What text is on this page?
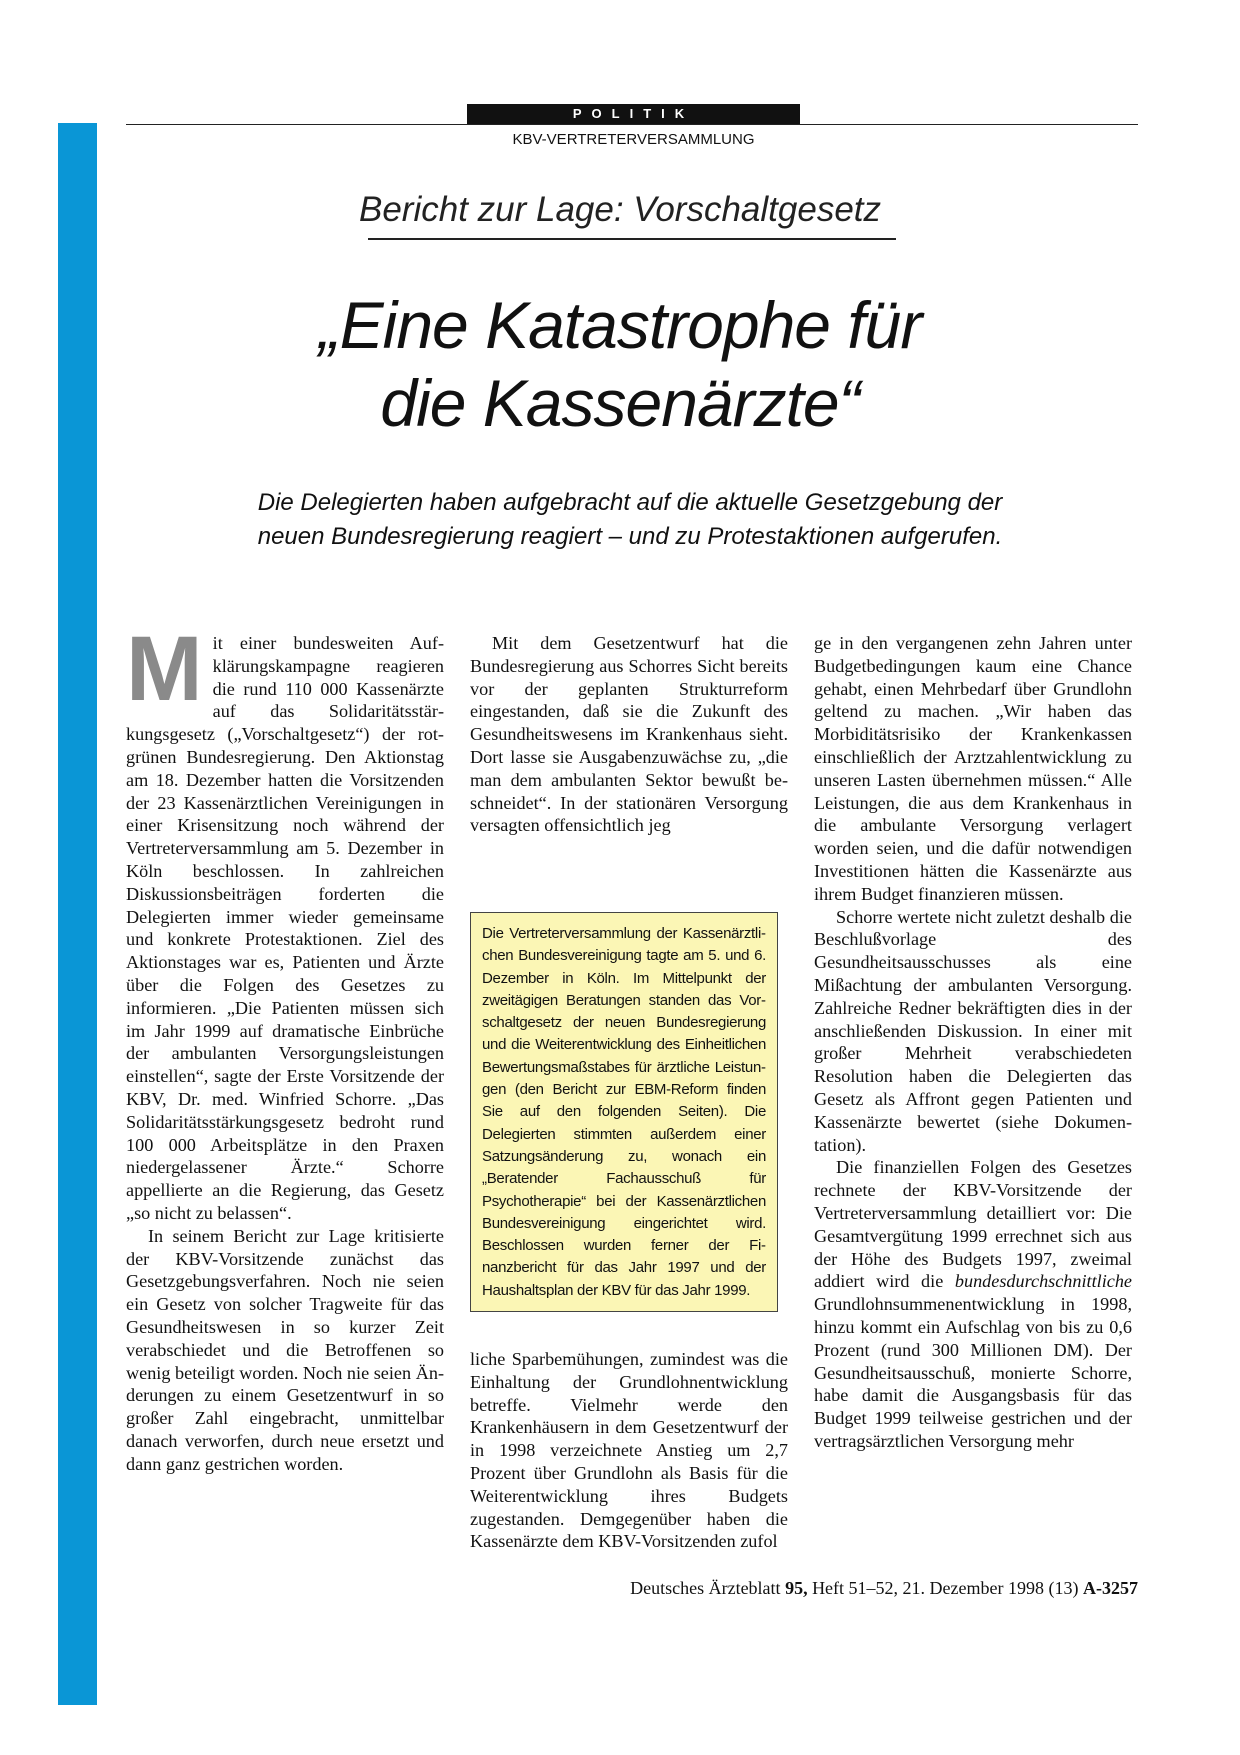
POLITIK
KBV-VERTRETERVERSAMMLUNG
Bericht zur Lage: Vorschaltgesetz
„Eine Katastrophe für
die Kassenärzte“
Die Delegierten haben aufgebracht auf die aktuelle Gesetzgebung der
neuen Bundesregierung reagiert – und zu Protestaktionen aufgerufen.
M it einer bundesweiten Aufklärungskampagne reagieren die rund 110 000 Kassenärzte auf das Solidaritätsstärkungsgesetz („Vorschaltgesetz“) der rot-grünen Bundesregierung. Den Aktionstag am 18. Dezember hatten die Vorsitzenden der 23 Kassenärztlichen Vereinigungen in einer Krisensitzung noch während der Vertreterversammlung am 5. Dezember in Köln beschlossen. In zahlreichen Diskussionsbeiträgen forderten die Delegierten immer wieder gemeinsame und konkrete Protestaktionen. Ziel des Aktionstages war es, Patienten und Ärzte über die Folgen des Gesetzes zu informieren. „Die Patienten müssen sich im Jahr 1999 auf dramatische Einbrüche der ambulanten Versorgungsleistungen einstellen“, sagte der Erste Vorsitzende der KBV, Dr. med. Winfried Schorre. „Das Solidaritätsstärkungsgesetz bedroht rund 100 000 Arbeitsplätze in den Praxen niedergelassener Ärzte.“ Schorre appellierte an die Regierung, das Gesetz „so nicht zu belassen“.

In seinem Bericht zur Lage kritisierte der KBV-Vorsitzende zunächst das Gesetzgebungsverfahren. Noch nie seien ein Gesetz von solcher Tragweite für das Gesundheitswesen in so kurzer Zeit verabschiedet und die Betroffenen so wenig beteiligt worden. Noch nie seien Änderungen zu einem Gesetzentwurf in so großer Zahl eingebracht, unmittelbar danach verworfen, durch neue ersetzt und dann ganz gestrichen worden.

Mit dem Gesetzentwurf hat die Bundesregierung aus Schorres Sicht bereits vor der geplanten Strukturreform eingestanden, daß sie die Zukunft des Gesundheitswesens im Krankenhaus sieht. Dort lasse sie Ausgabenzuwächse zu, „die man dem ambulanten Sektor bewußt beschneidet“. In der stationären Versorgung versagten offensichtlich jeg

Die Vertreterversammlung der Kassenärztlichen Bundesvereinigung tagte am 5. und 6. Dezember in Köln. Im Mittelpunkt der zweitägigen Beratungen standen das Vorschaltgesetz der neuen Bundesregierung und die Weiterentwicklung des Einheitlichen Bewertungsmaßstabes für ärztliche Leistungen (den Bericht zur EBM-Reform finden Sie auf den folgenden Seiten). Die Delegierten stimmten außerdem einer Satzungsänderung zu, wonach ein „Beratender Fachausschuß für Psychotherapie“ bei der Kassenärztlichen Bundesvereinigung eingerichtet wird. Beschlossen wurden ferner der Finanzbericht für das Jahr 1997 und der Haushaltsplan der KBV für das Jahr 1999.

liche Sparbemühungen, zumindest was die Einhaltung der Grundlohnentwicklung betreffe. Vielmehr werde den Krankenhäusern in dem Gesetzentwurf der in 1998 verzeichnete Anstieg um 2,7 Prozent über Grundlohn als Basis für die Weiterentwicklung ihres Budgets zugestanden. Demgegenüber haben die Kassenärzte dem KBV-Vorsitzenden zufol

ge in den vergangenen zehn Jahren unter Budgetbedingungen kaum eine Chance gehabt, einen Mehrbedarf über Grundlohn geltend zu machen. „Wir haben das Morbiditätsrisiko der Krankenkassen einschließlich der Arztzahlentwicklung zu unseren Lasten übernehmen müssen.“ Alle Leistungen, die aus dem Krankenhaus in die ambulante Versorgung verlagert worden seien, und die dafür notwendigen Investitionen hätten die Kassenärzte aus ihrem Budget finanzieren müssen.

Schorre wertete nicht zuletzt deshalb die Beschlußvorlage des Gesundheitsausschusses als eine Mißachtung der ambulanten Versorgung. Zahlreiche Redner bekräftigten dies in der anschließenden Diskussion. In einer mit großer Mehrheit verabschiedeten Resolution haben die Delegierten das Gesetz als Affront gegen Patienten und Kassenärzte bewertet (siehe Dokumentation).

Die finanziellen Folgen des Gesetzes rechnete der KBV-Vorsitzende der Vertreterversammlung detailliert vor: Die Gesamtvergütung 1999 errechnet sich aus der Höhe des Budgets 1997, zweimal addiert wird die bundesdurchschnittliche Grundlohnsummenentwicklung in 1998, hinzu kommt ein Aufschlag von bis zu 0,6 Prozent (rund 300 Millionen DM). Der Gesundheitsausschuß, monierte Schorre, habe damit die Ausgangsbasis für das Budget 1999 teilweise gestrichen und der vertragsärztlichen Versorgung mehr

Deutsches Ärzteblatt 95, Heft 51–52, 21. Dezember 1998 (13) A-3257
